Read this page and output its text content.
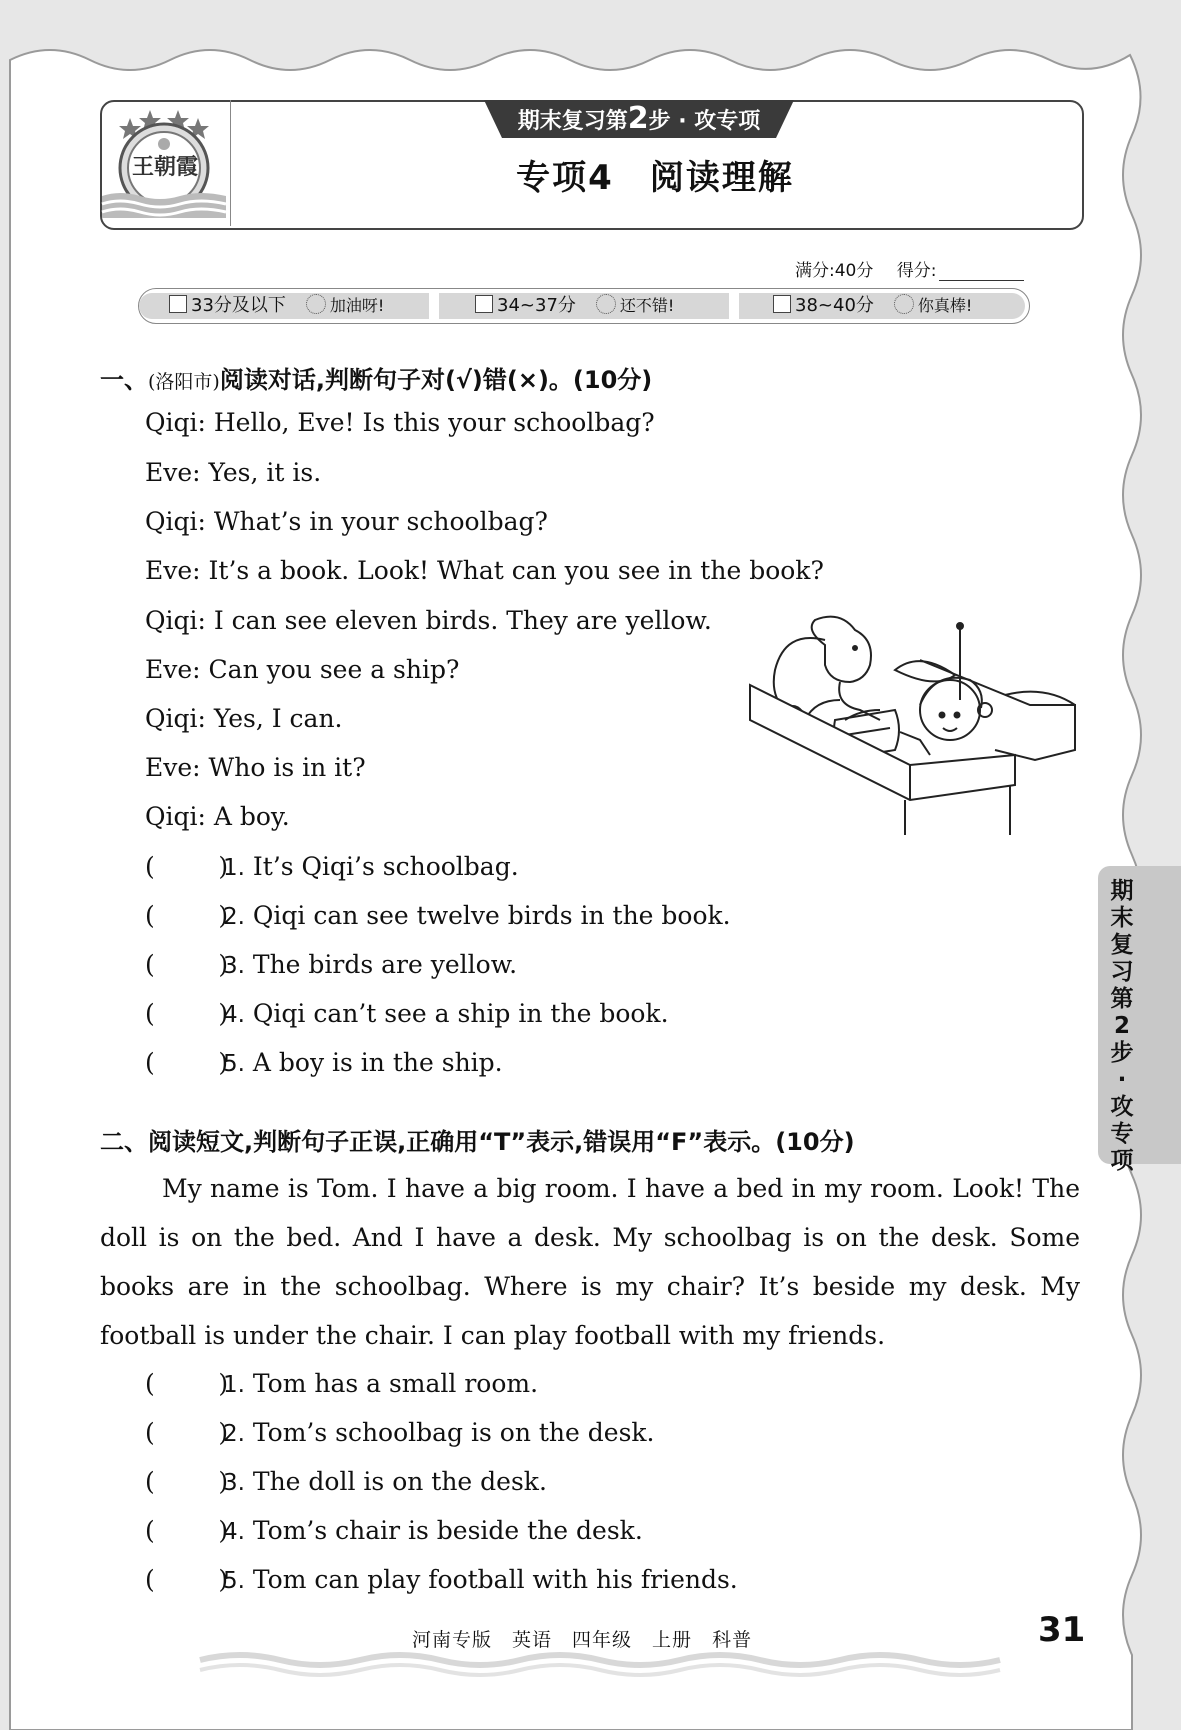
王朝霞
期末复习第2步 · 攻专项
专项4　阅读理解
满分:40分 得分:
33分及以下	加油呀!	34~37分	还不错!	38~40分	你真棒!
一、(洛阳市)阅读对话,判断句子对(√)错(×)。(10分)
Qiqi: Hello, Eve! Is this your schoolbag?
Eve: Yes, it is.
Qiqi: What’s in your schoolbag?
Eve: It’s a book. Look! What can you see in the book?
Qiqi: I can see eleven birds. They are yellow.
Eve: Can you see a ship?
Qiqi: Yes, I can.
Eve: Who is in it?
Qiqi: A boy.
(        )1. It’s Qiqi’s schoolbag.
(        )2. Qiqi can see twelve birds in the book.
(        )3. The birds are yellow.
(        )4. Qiqi can’t see a ship in the book.
(        )5. A boy is in the ship.
二、阅读短文,判断句子正误,正确用“T”表示,错误用“F”表示。(10分)

My name is Tom. I have a big room. I have a bed in my room. Look! The doll is on the bed. And I have a desk. My schoolbag is on the desk. Some books are in the schoolbag. Where is my chair? It’s beside my desk. My football is under the chair. I can play football with my friends.

(        )1. Tom has a small room.
(        )2. Tom’s schoolbag is on the desk.
(        )3. The doll is on the desk.
(        )4. Tom’s chair is beside the desk.
(        )5. Tom can play football with his friends.
期末复习第2步·攻专项
河南专版 英语 四年级 上册 科普	31
